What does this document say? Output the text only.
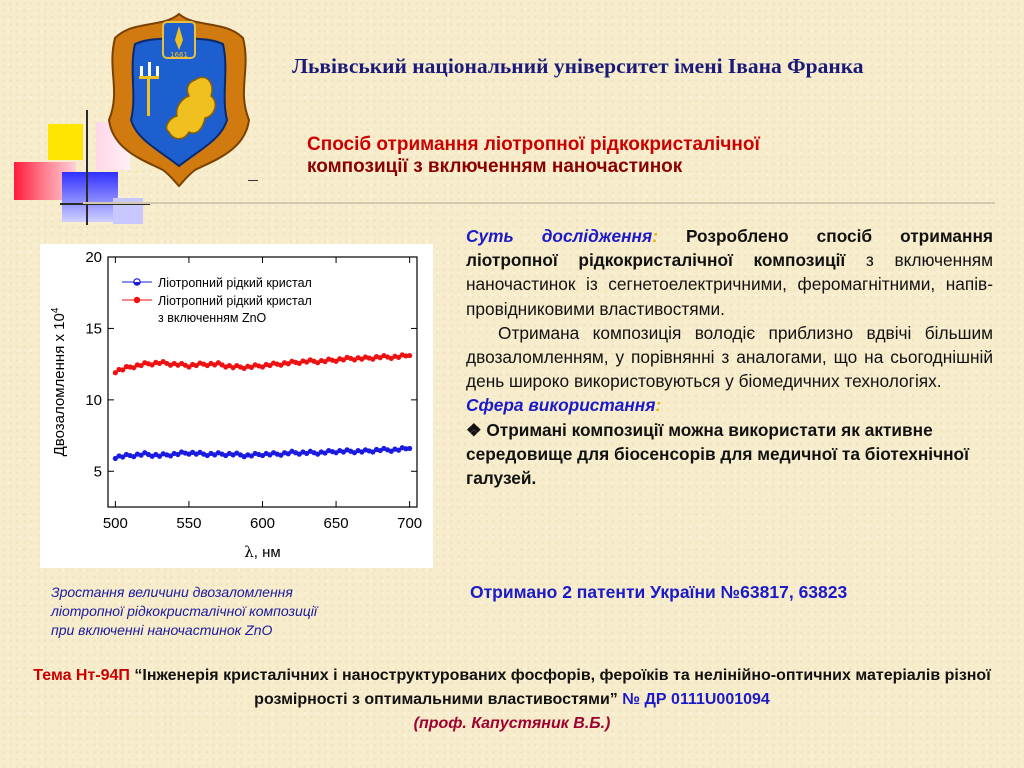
1661	Львівський національний університет імені Івана Франка
Спосіб отримання ліотропної рідкокристалічної
композиції з включенням наночастинок
500	550	600	650	700
5
10
15
20
λ, нм
Двозаломлення x $10^4$
Ліотропний рідкий кристал
Ліотропний рідкий кристал з включенням ZnO
Зростання величини двозаломлення
ліотропної рідкокристалічної композиції
при включенні наночастинок ZnO

Суть дослідження: Розроблено спосіб отримання ліотропної рідкокристалічної композиції з включенням наночастинок із сегнетоелектричними, феромагнітними, напів-провідниковими властивостями.

Отримана композиція володіє приблизно вдвічі більшим двозаломленням, у порівнянні з аналогами, що на сьогоднішній день широко використовуються у біомедичних технологіях.

Сфера використання:

❖ Отримані композиції можна використати як активне середовище для біосенсорів для медичної та біотехнічної галузей.

Отримано 2 патенти України №63817, 63823
Тема Нт-94П “Інженерія кристалічних і наноструктурованих фосфорів, фероїків та нелінійно-оптичних матеріалів різної розмірності з оптимальними властивостями” № ДР 0111U001094
(проф. Капустяник В.Б.)
